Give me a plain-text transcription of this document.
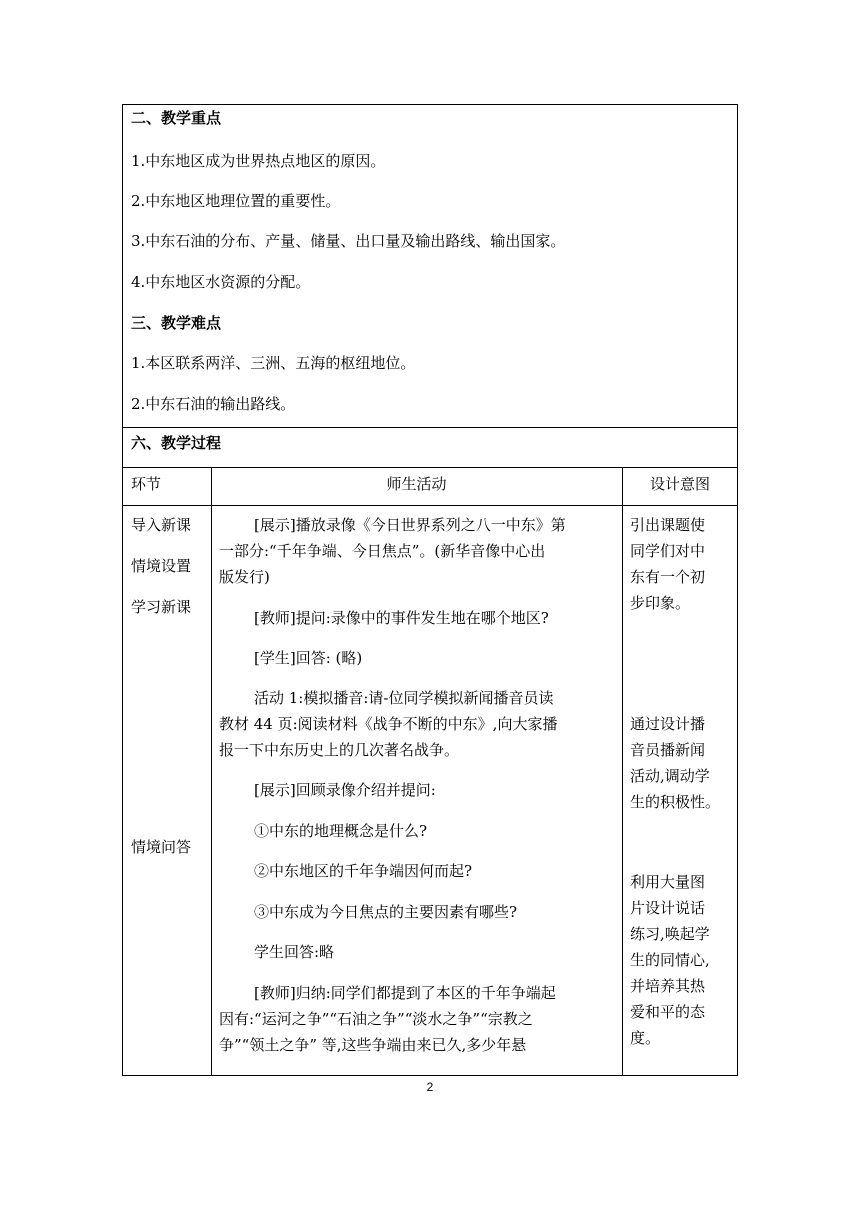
二、教学重点
1.中东地区成为世界热点地区的原因。
2.中东地区地理位置的重要性。
3.中东石油的分布、产量、储量、出口量及输出路线、输出国家。
4.中东地区水资源的分配。
三、教学难点
1.本区联系两洋、三洲、五海的枢纽地位。
2.中东石油的输出路线。
六、教学过程
环节	师生活动	设计意图
导入新课
情境设置
学习新课
情境问答
[展示]播放录像《今日世界系列之八一中东》第
一部分:“千年争端、今日焦点”。(新华音像中心出
版发行)
[教师]提问:录像中的事件发生地在哪个地区?
[学生]回答: (略)
活动 1:模拟播音:请-位同学模拟新闻播音员读
教材 44 页:阅读材料《战争不断的中东》,向大家播
报一下中东历史上的几次著名战争。
[展示]回顾录像介绍并提问:
①中东的地理概念是什么?
②中东地区的千年争端因何而起?
③中东成为今日焦点的主要因素有哪些?
学生回答:略
[教师]归纳:同学们都提到了本区的千年争端起
因有:“运河之争”“石油之争”“淡水之争”“宗教之
争”“领土之争” 等,这些争端由来已久,多少年悬
引出课题使
同学们对中
东有一个初
步印象。
通过设计播
音员播新闻
活动,调动学
生的积极性。
利用大量图
片设计说话
练习,唤起学
生的同情心,
并培养其热
爱和平的态
度。
2
